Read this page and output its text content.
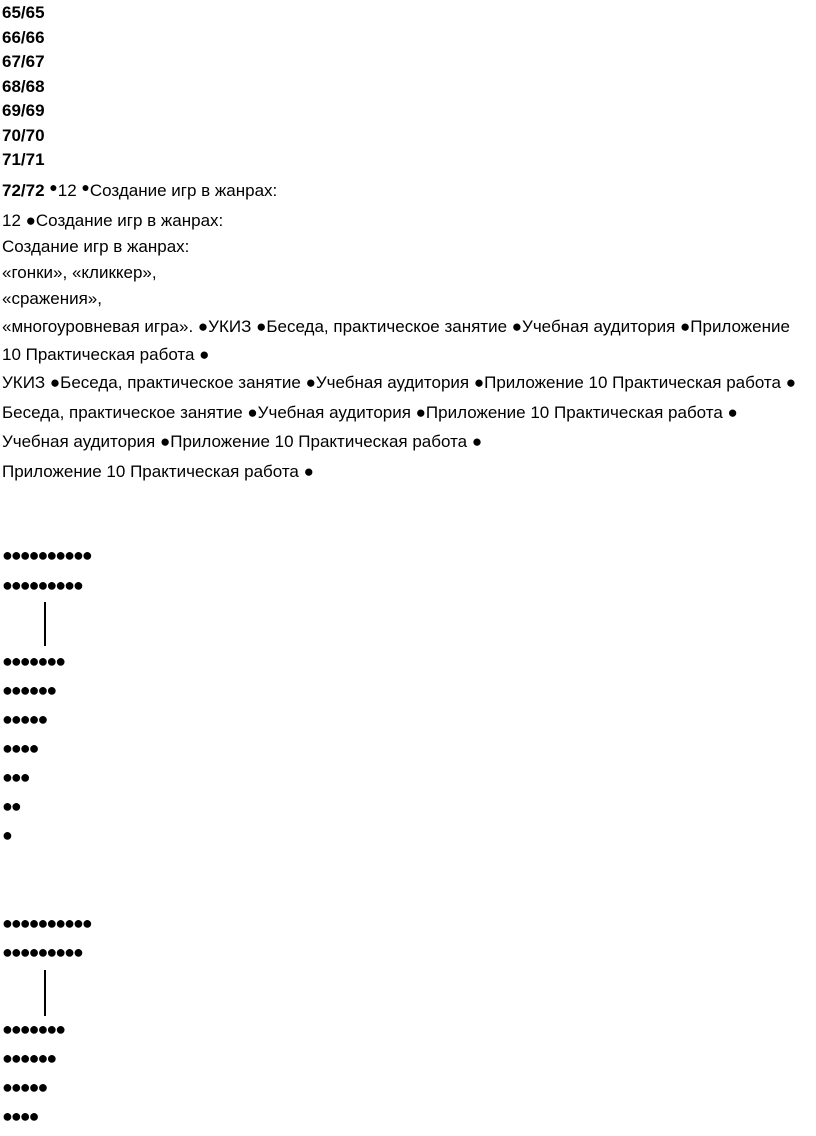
65/65
66/66
67/67
68/68
69/69
70/70
71/71
72/72 ●12 ●Создание игр в жанрах:
12 ●Создание игр в жанрах:
Создание игр в жанрах:
«гонки», «кликкер»,
«сражения»,
«многоуровневая игра». ●УКИЗ ●Беседа, практическое занятие ●Учебная аудитория ●Приложение
10 Практическая работа ●
УКИЗ ●Беседа, практическое занятие ●Учебная аудитория ●Приложение 10 Практическая работа ●
Беседа, практическое занятие ●Учебная аудитория ●Приложение 10 Практическая работа ●
Учебная аудитория ●Приложение 10 Практическая работа ●
Приложение 10 Практическая работа ●
●●●●●●●●●●
●●●●●●●●●
●●●●●●●
●●●●●●
●●●●●
●●●●
●●●
●●
●
●●●●●●●●●●
●●●●●●●●●
●●●●●●●
●●●●●●
●●●●●
●●●●
